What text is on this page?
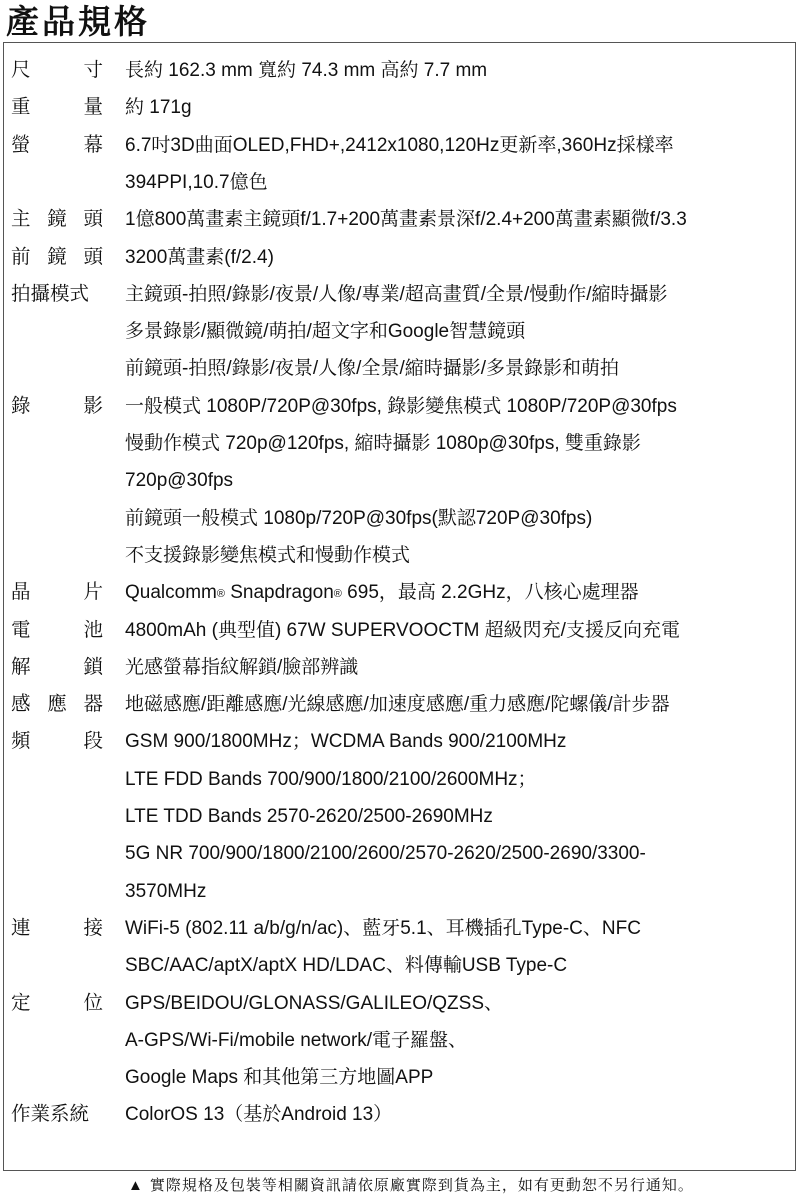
產品規格
尺	寸 長約 162.3 mm 寬約 74.3 mm 高約 7.7 mm
重	量 約 171g
螢	幕 6.7吋3D曲面OLED,FHD+,2412x1080,120Hz更新率,360Hz採樣率
394PPI,10.7億色
主 鏡 頭 1億800萬畫素主鏡頭f/1.7+200萬畫素景深f/2.4+200萬畫素顯微f/3.3
前 鏡 頭 3200萬畫素(f/2.4)
拍攝模式 主鏡頭-拍照/錄影/夜景/人像/專業/超高畫質/全景/慢動作/縮時攝影
多景錄影/顯微鏡/萌拍/超文字和Google智慧鏡頭
前鏡頭-拍照/錄影/夜景/人像/全景/縮時攝影/多景錄影和萌拍
錄	影 一般模式 1080P/720P@30fps, 錄影變焦模式 1080P/720P@30fps
慢動作模式 720p@120fps, 縮時攝影 1080p@30fps, 雙重錄影
720p@30fps
前鏡頭一般模式 1080p/720P@30fps(默認720P@30fps)
不支援錄影變焦模式和慢動作模式
晶	片 Qualcomm® Snapdragon® 695，最高 2.2GHz，八核心處理器
電	池 4800mAh (典型值) 67W SUPERVOOCTM 超級閃充/支援反向充電
解	鎖 光感螢幕指紋解鎖/臉部辨識
感 應 器 地磁感應/距離感應/光線感應/加速度感應/重力感應/陀螺儀/計步器
頻	段 GSM 900/1800MHz；WCDMA Bands 900/2100MHz
LTE FDD Bands 700/900/1800/2100/2600MHz；
LTE TDD Bands 2570-2620/2500-2690MHz
5G NR 700/900/1800/2100/2600/2570-2620/2500-2690/3300-
3570MHz
連	接 WiFi-5 (802.11 a/b/g/n/ac)、藍牙5.1、耳機插孔Type-C、NFC
SBC/AAC/aptX/aptX HD/LDAC、料傳輸USB Type-C
定	位 GPS/BEIDOU/GLONASS/GALILEO/QZSS、
A-GPS/Wi-Fi/mobile network/電子羅盤、
Google Maps 和其他第三方地圖APP
作業系統 ColorOS 13（基於Android 13）
▲ 實際規格及包裝等相關資訊請依原廠實際到貨為主，如有更動恕不另行通知。
